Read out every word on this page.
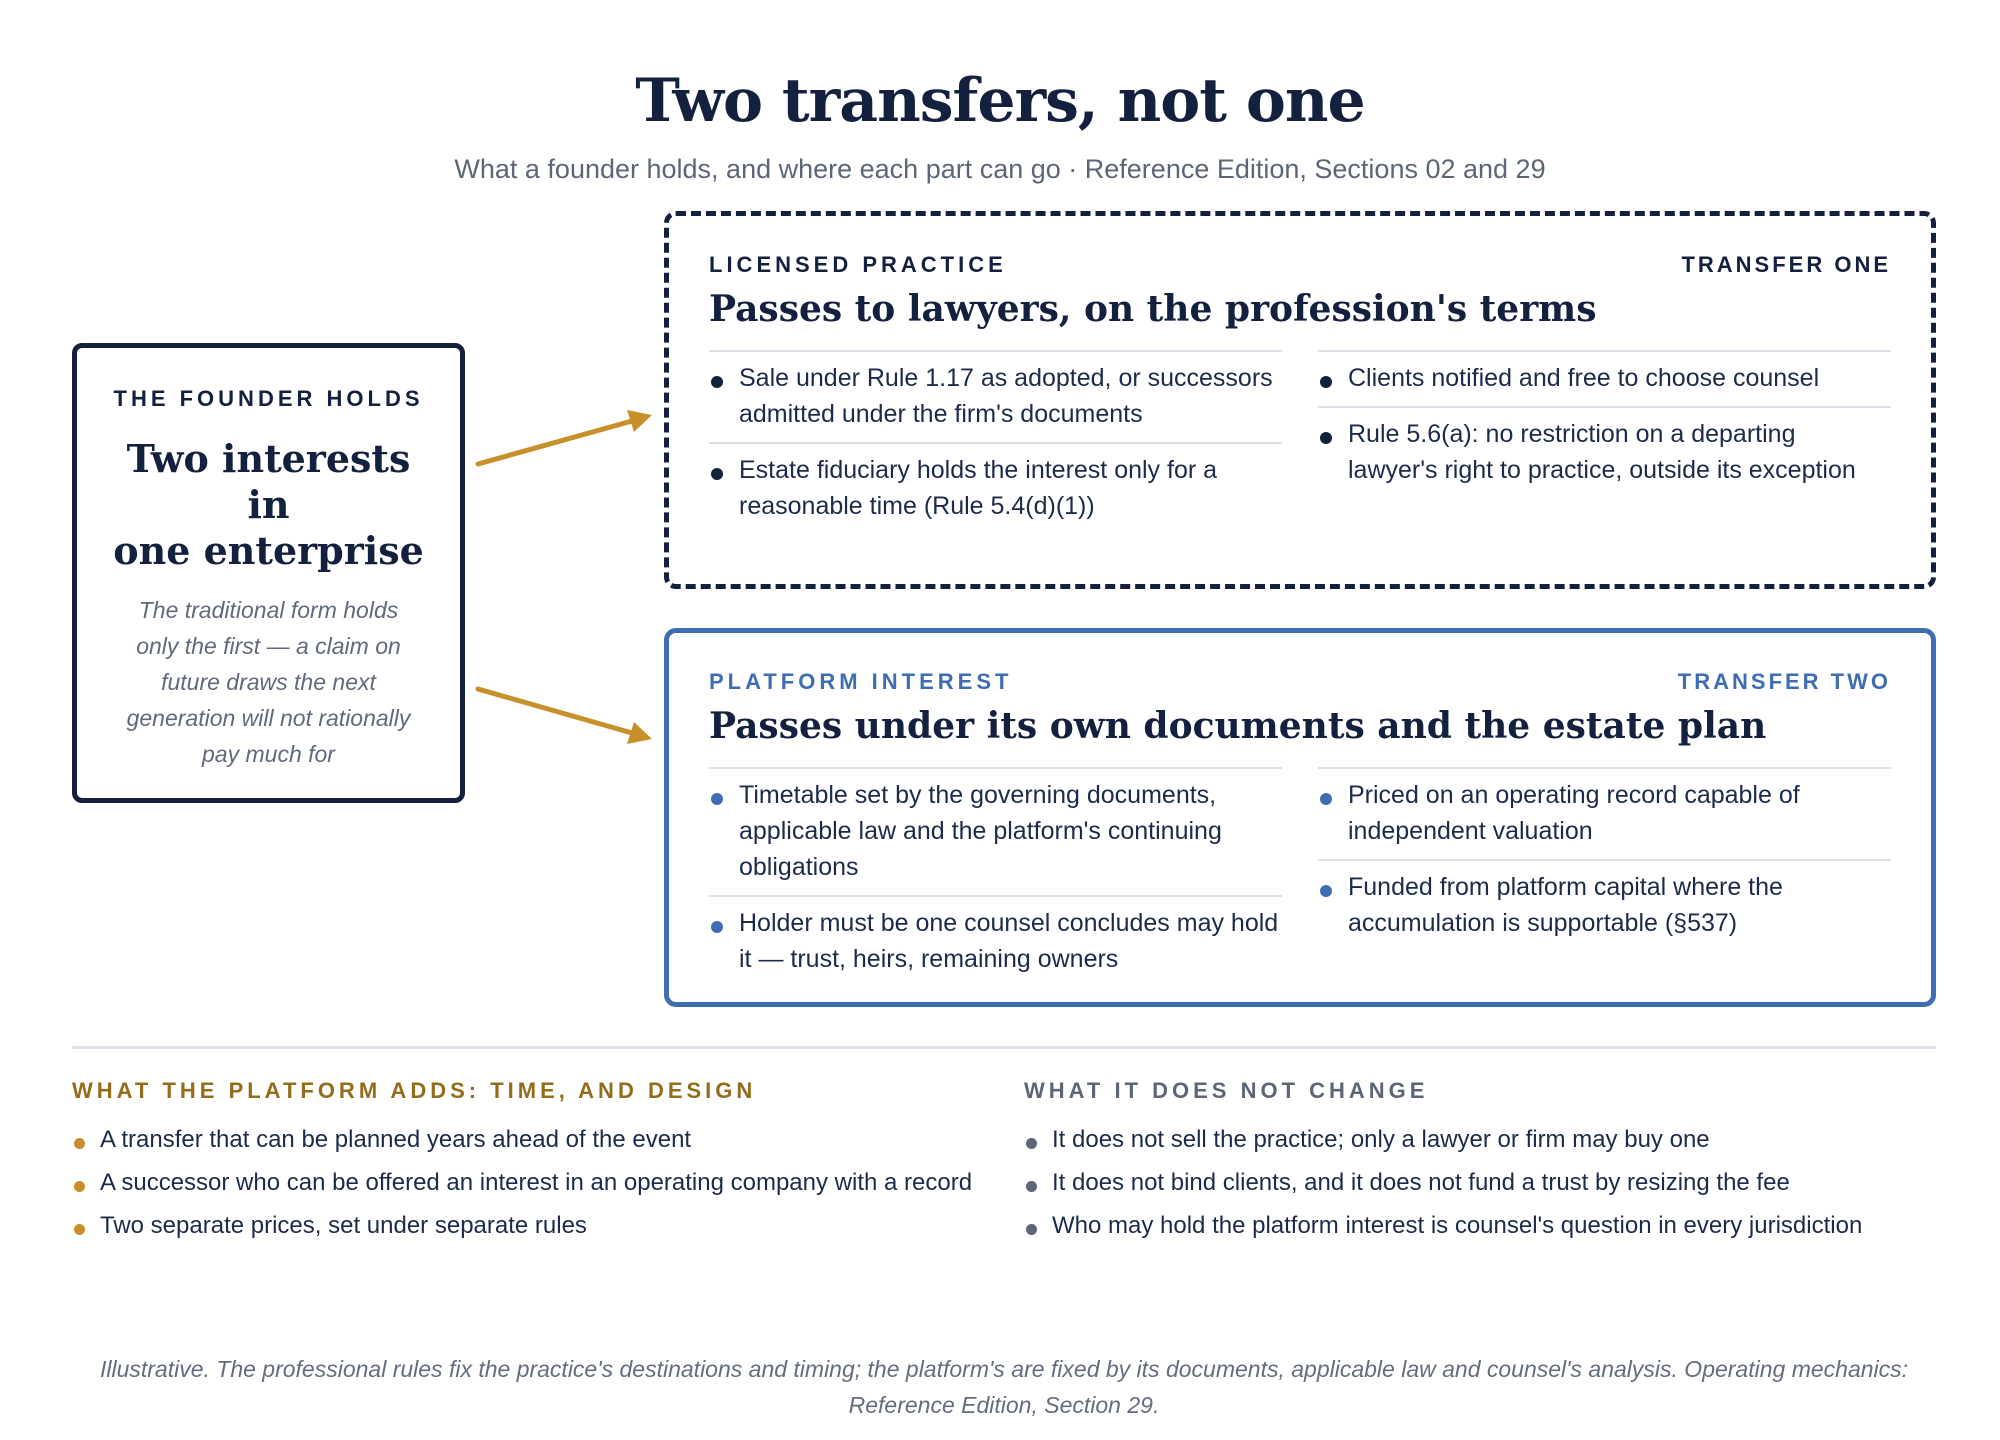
Two transfers, not one
What a founder holds, and where each part can go · Reference Edition, Sections 02 and 29
THE FOUNDER HOLDS
Two interests in
one enterprise
The traditional form holds
only the first — a claim on
future draws the next
generation will not rationally
pay much for
LICENSED PRACTICE	TRANSFER ONE
Passes to lawyers, on the profession's terms
Sale under Rule 1.17 as adopted, or successors admitted under the firm's documents
Estate fiduciary holds the interest only for a reasonable time (Rule 5.4(d)(1))
Clients notified and free to choose counsel
Rule 5.6(a): no restriction on a departing lawyer's right to practice, outside its exception
PLATFORM INTEREST	TRANSFER TWO
Passes under its own documents and the estate plan
Timetable set by the governing documents, applicable law and the platform's continuing obligations
Holder must be one counsel concludes may hold it — trust, heirs, remaining owners
Priced on an operating record capable of independent valuation
Funded from platform capital where the accumulation is supportable (§537)
WHAT THE PLATFORM ADDS: TIME, AND DESIGN
A transfer that can be planned years ahead of the event
A successor who can be offered an interest in an operating company with a record
Two separate prices, set under separate rules
WHAT IT DOES NOT CHANGE
It does not sell the practice; only a lawyer or firm may buy one
It does not bind clients, and it does not fund a trust by resizing the fee
Who may hold the platform interest is counsel's question in every jurisdiction
Illustrative. The professional rules fix the practice's destinations and timing; the platform's are fixed by its documents, applicable law and counsel's analysis. Operating mechanics:
Reference Edition, Section 29.
